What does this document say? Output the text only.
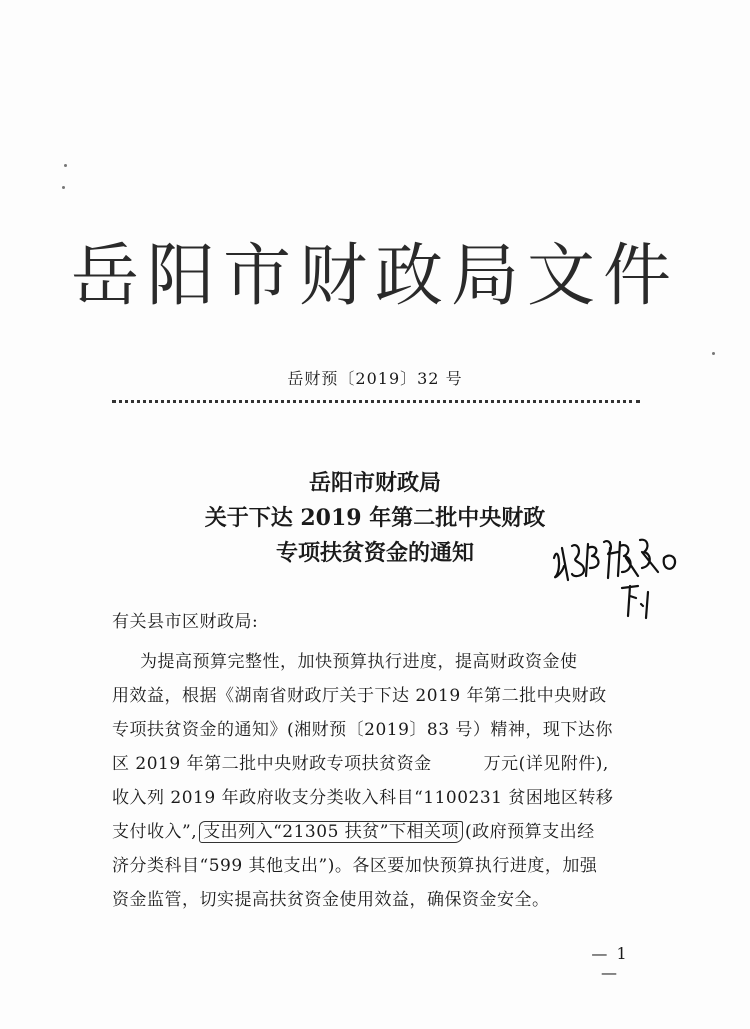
岳阳市财政局文件
岳财预〔2019〕32 号
岳阳市财政局
关于下达 2019 年第二批中央财政
专项扶贫资金的通知
有关县市区财政局:
为提高预算完整性，加快预算执行进度，提高财政资金使
用效益，根据《湖南省财政厅关于下达 2019 年第二批中央财政
专项扶贫资金的通知》(湘财预〔2019〕83 号）精神，现下达你
区 2019 年第二批中央财政专项扶贫资金	万元(详见附件),
收入列 2019 年政府收支分类收入科目“1100231 贫困地区转移
支付收入”, 支出列入“21305 扶贫”下相关项 (政府预算支出经
济分类科目“599 其他支出”)。各区要加快预算执行进度，加强
资金监管，切实提高扶贫资金使用效益，确保资金安全。
— 1 —
